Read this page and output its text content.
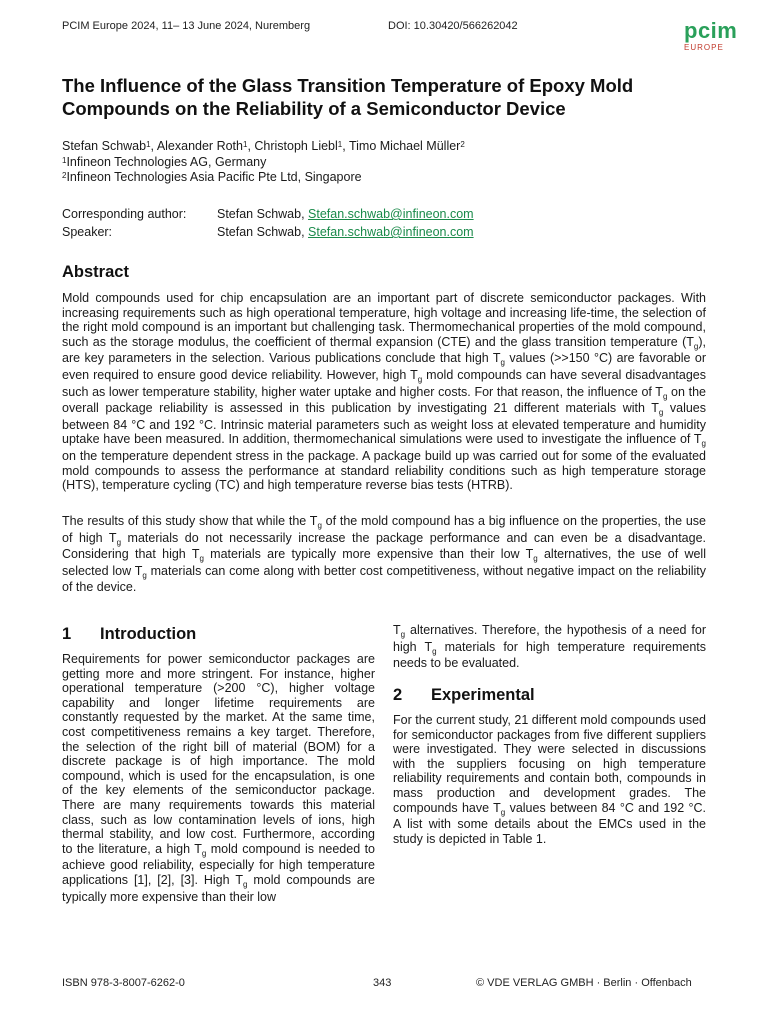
PCIM Europe 2024, 11– 13 June 2024, Nuremberg	DOI: 10.30420/566262042	pcim
EUROPE
The Influence of the Glass Transition Temperature of Epoxy Mold
Compounds on the Reliability of a Semiconductor Device
Stefan Schwab$^1$, Alexander Roth$^1$, Christoph Liebl$^1$, Timo Michael Müller$^2$
$^1$Infineon Technologies AG, Germany
$^2$Infineon Technologies Asia Pacific Pte Ltd, Singapore
Corresponding author: Stefan Schwab, Stefan.schwab@infineon.com
Speaker:	Stefan Schwab, Stefan.schwab@infineon.com
Abstract
Mold compounds used for chip encapsulation are an important part of discrete semiconductor packages. With increasing requirements such as high operational temperature, high voltage and increasing life-time, the selection of the right mold compound is an important but challenging task. Thermomechanical properties of the mold compound, such as the storage modulus, the coefficient of thermal expansion (CTE) and the glass transition temperature $(T_g)$, are key parameters in the selection. Various publications conclude that high $T_g$ values (>>150 °C) are favorable or even required to ensure good device reliability. However, high $T_g$ mold compounds can have several disadvantages such as lower temperature stability, higher water uptake and higher costs. For that reason, the influence of $T_g$ on the overall package reliability is assessed in this publication by investigating 21 different materials with $T_g$ values between 84 °C and 192 °C. Intrinsic material parameters such as weight loss at elevated temperature and humidity uptake have been measured. In addition, thermomechanical simulations were used to investigate the influence of $T_g$ on the temperature dependent stress in the package. A package build up was carried out for some of the evaluated mold compounds to assess the performance at standard reliability conditions such as high temperature storage (HTS), temperature cycling (TC) and high temperature reverse bias tests (HTRB).
The results of this study show that while the $T_g$ of the mold compound has a big influence on the properties, the use of high $T_g$ materials do not necessarily increase the package performance and can even be a disadvantage. Considering that high $T_g$ materials are typically more expensive than their low $T_g$ alternatives, the use of well selected low $T_g$ materials can come along with better cost competitiveness, without negative impact on the reliability of the device.
1 Introduction
Requirements for power semiconductor packages are getting more and more stringent. For instance, higher operational temperature (>200 °C), higher voltage capability and longer lifetime requirements are constantly requested by the market. At the same time, cost competitiveness remains a key target. Therefore, the selection of the right bill of material (BOM) for a discrete package is of high importance. The mold compound, which is used for the encapsulation, is one of the key elements of the semiconductor package. There are many requirements towards this material class, such as low contamination levels of ions, high thermal stability, and low cost. Furthermore, according to the literature, a high $T_g$ mold compound is needed to achieve good reliability, especially for high temperature applications [1], [2], [3]. High $T_g$ mold compounds are typically more expensive than their low
$T_g$ alternatives. Therefore, the hypothesis of a need for high $T_g$ materials for high temperature requirements needs to be evaluated.
2 Experimental
For the current study, 21 different mold compounds used for semiconductor packages from five different suppliers were investigated. They were selected in discussions with the suppliers focusing on high temperature reliability requirements and contain both, compounds in mass production and development grades. The compounds have $T_g$ values between 84 °C and 192 °C. A list with some details about the EMCs used in the study is depicted in Table 1.
ISBN 978-3-8007-6262-0	343	© VDE VERLAG GMBH · Berlin · Offenbach
